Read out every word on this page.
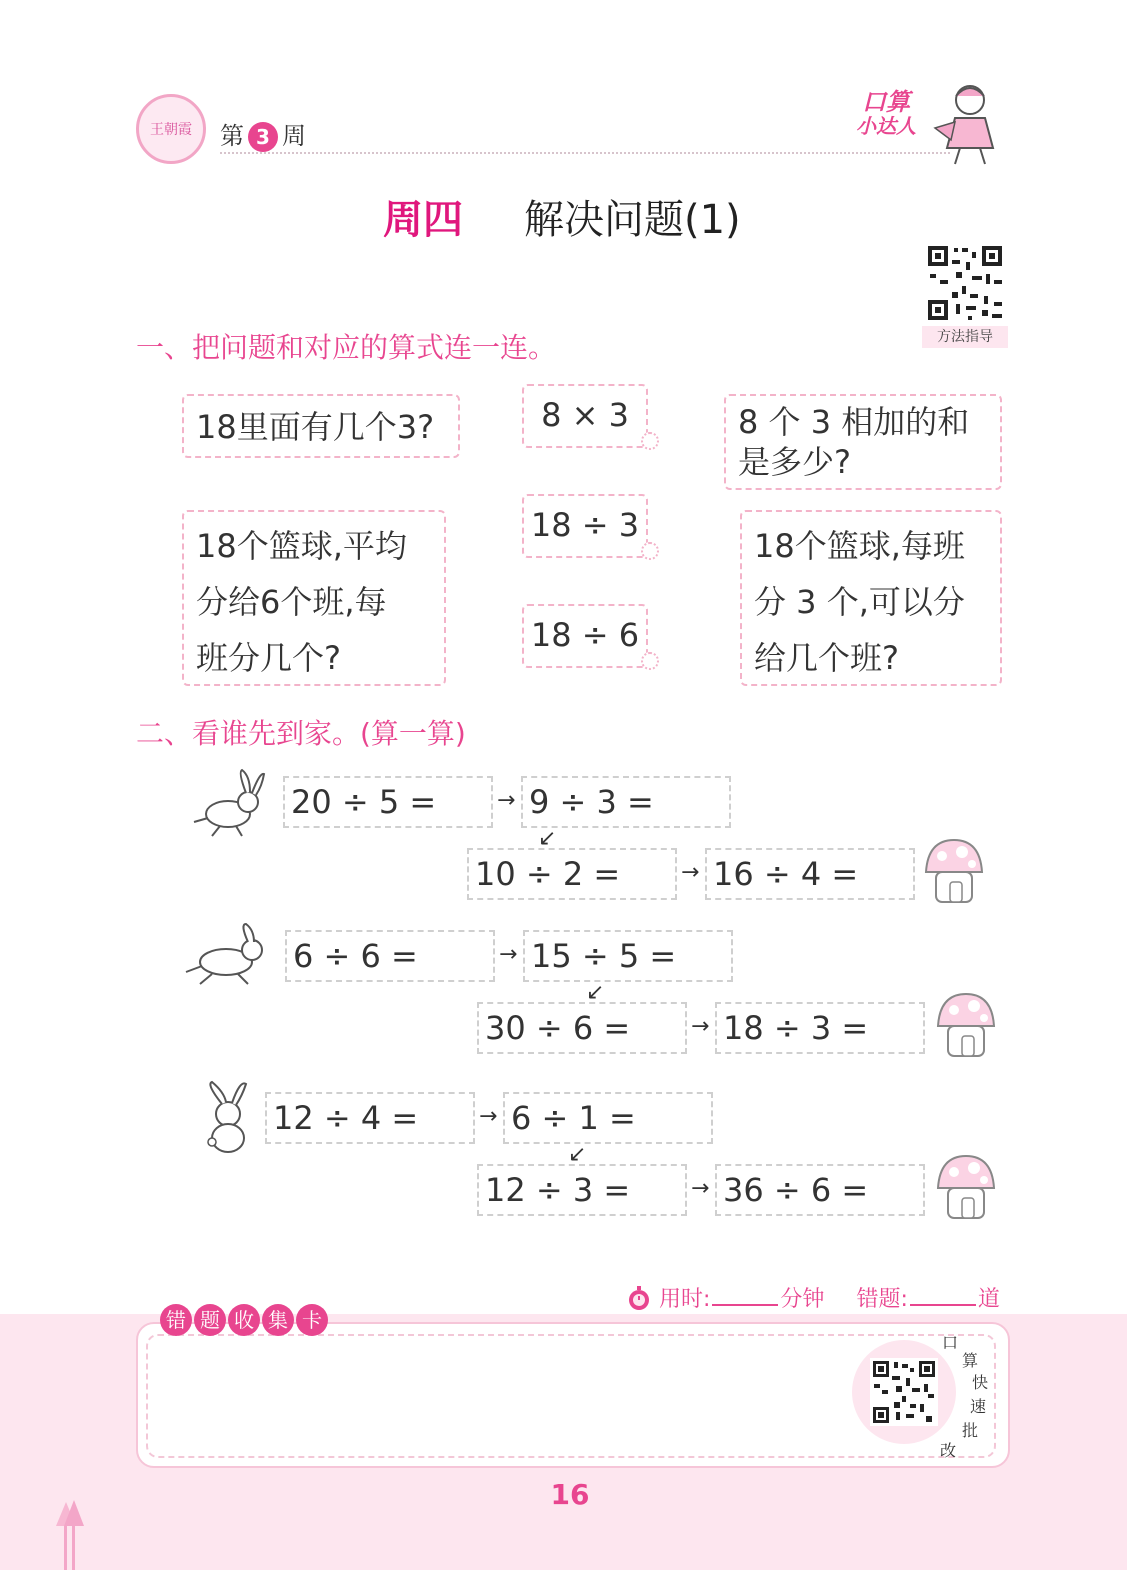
王朝霞	第 3 周
口算
小达人
周四 解决问题(1)
方法指导
一、把问题和对应的算式连一连。
18里面有几个3?
18个篮球,平均
分给6个班,每
班分几个?
8 × 3
18 ÷ 3
18 ÷ 6
8 个 3 相加的和
是多少?
18个篮球,每班
分 3 个,可以分
给几个班?
二、看谁先到家。(算一算)
20 ÷ 5 =	→ 9 ÷ 3 =
↙
10 ÷ 2 =	→ 16 ÷ 4 =
6 ÷ 6 =	→ 15 ÷ 5 =
↙
30 ÷ 6 =	→ 18 ÷ 3 =
12 ÷ 4 =	→ 6 ÷ 1 =
↙
12 ÷ 3 =	→ 36 ÷ 6 =
用时:	分钟 错题:	道
错 题 收 集 卡
口
算
快
速
批
改
16
